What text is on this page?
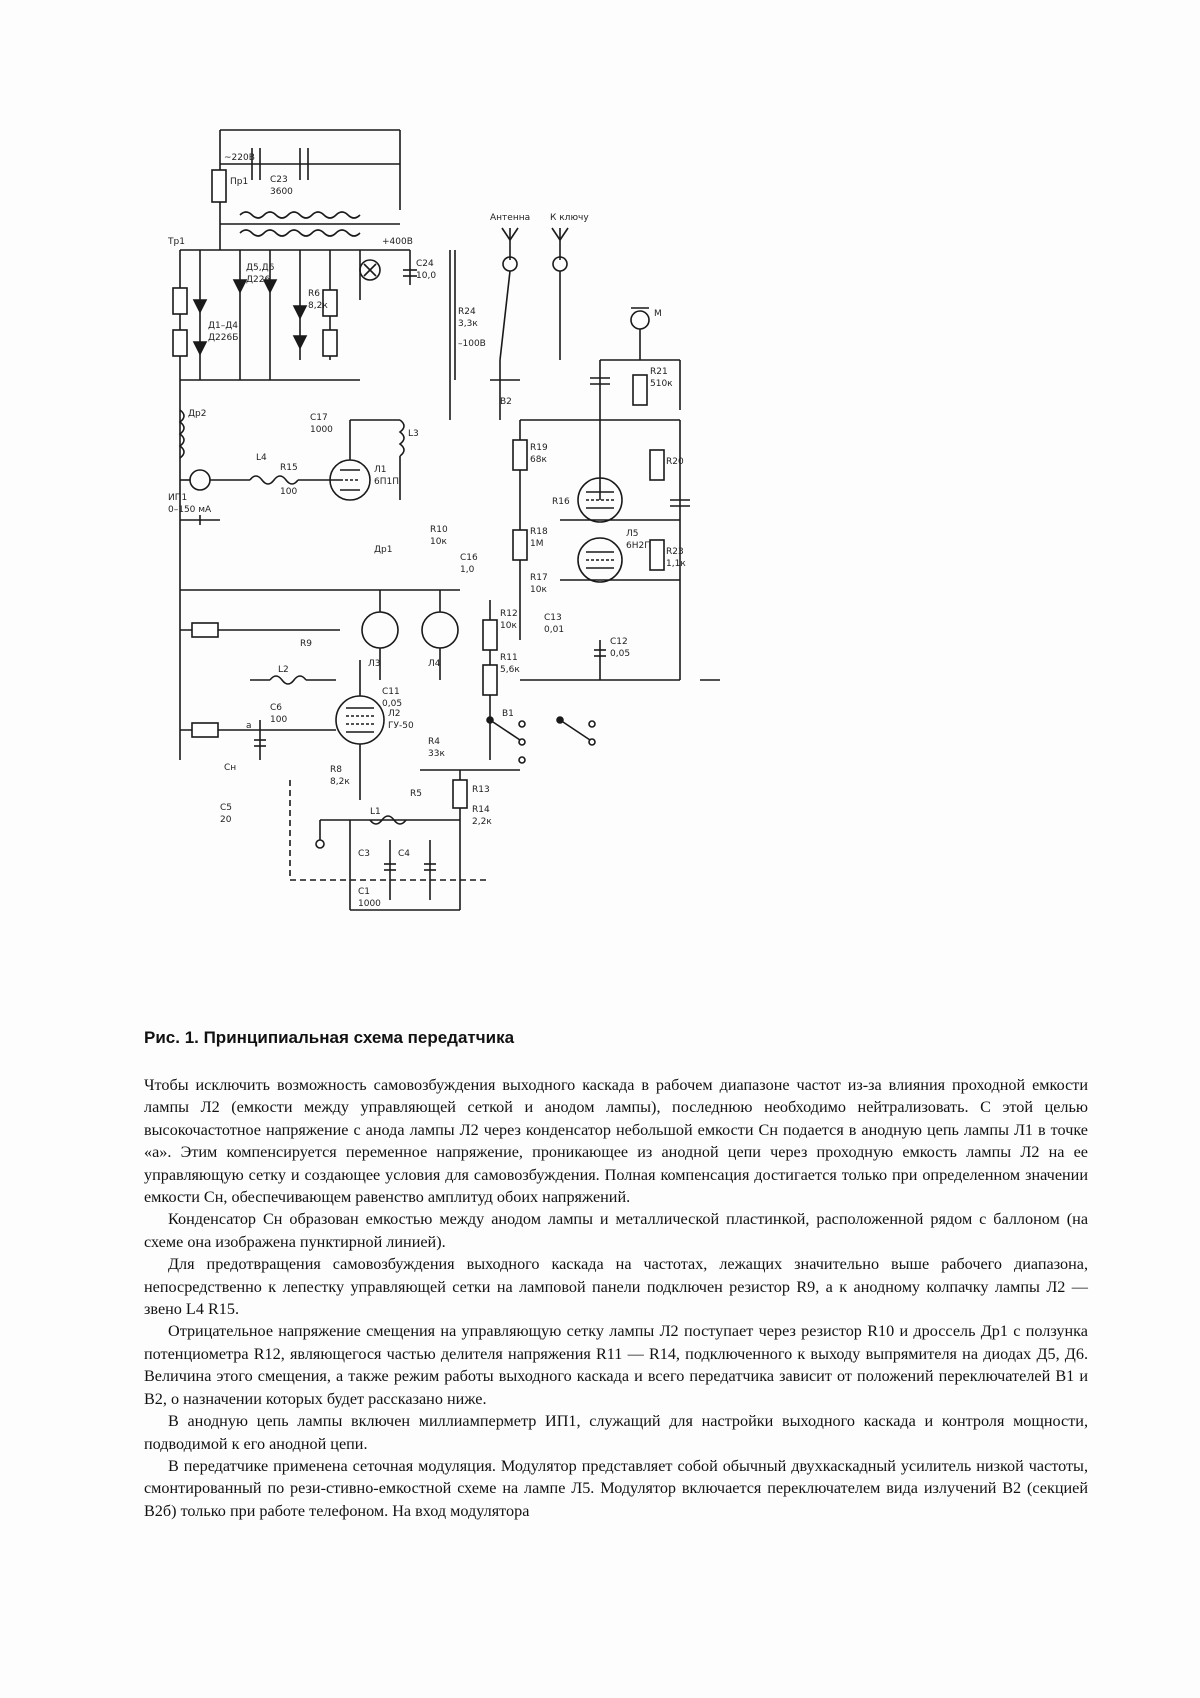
Тр1
~220В
Пр1
Д1–Д4
Д226Б
Д5,Д6
Д226
R6
8,2к
+400В
С24
10,0
R24
3,3к
–100В
Антенна К ключу
М
R21
510к
В2
L3
С17
1000
Др2
ИП1
0–150 мА
Л1
6П1П
R15
100
L4
R19
68к	R20
С16
1,0
R10
10к
Др1
R18
1М
R17
10к
Л5
6Н2П
R23
1,1к
R16
С12
0,05
R12
10к
R11
5,6к
С13
0,01
R9
Л3	Л4
С11
0,05
С6
100
L2
Л2
ГУ-50
Сн
а
С5
20
R4
33к
R8
8,2к
R5	R13
R14
2,2к
В1
L1
С3	С4
С1
1000
С23
3600
Рис. 1. Принципиальная схема передатчика

Чтобы исключить возможность самовозбуждения выходного каскада в рабочем диапазоне частот из-за влияния проходной емкости лампы Л2 (емкости между управляющей сеткой и анодом лампы), последнюю необходимо нейтрализовать. С этой целью высокочастотное напряжение с анода лампы Л2 через конденсатор небольшой емкости Сн подается в анодную цепь лампы Л1 в точке «а». Этим компенсируется переменное напряжение, проникающее из анодной цепи через проходную емкость лампы Л2 на ее управляющую сетку и создающее условия для самовозбуждения. Полная компенсация достигается только при определенном значении емкости Сн, обеспечивающем равенство амплитуд обоих напряжений.

Конденсатор Сн образован емкостью между анодом лампы и металлической пластинкой, расположенной рядом с баллоном (на схеме она изображена пунктирной линией).

Для предотвращения самовозбуждения выходного каскада на частотах, лежащих значительно выше рабочего диапазона, непосредственно к лепестку управляющей сетки на ламповой панели подключен резистор R9, а к анодному колпачку лампы Л2 — звено L4 R15.

Отрицательное напряжение смещения на управляющую сетку лампы Л2 поступает через резистор R10 и дроссель Др1 с ползунка потенциометра R12, являющегося частью делителя напряжения R11 — R14, подключенного к выходу выпрямителя на диодах Д5, Д6. Величина этого смещения, а также режим работы выходного каскада и всего передатчика зависит от положений переключателей В1 и В2, о назначении которых будет рассказано ниже.

В анодную цепь лампы включен миллиамперметр ИП1, служащий для настройки выходного каскада и контроля мощности, подводимой к его анодной цепи.

В передатчике применена сеточная модуляция. Модулятор представляет собой обычный двухкаскадный усилитель низкой частоты, смонтированный по рези-стивно-емкостной схеме на лампе Л5. Модулятор включается переключателем вида излучений В2 (секцией В2б) только при работе телефоном. На вход модулятора
